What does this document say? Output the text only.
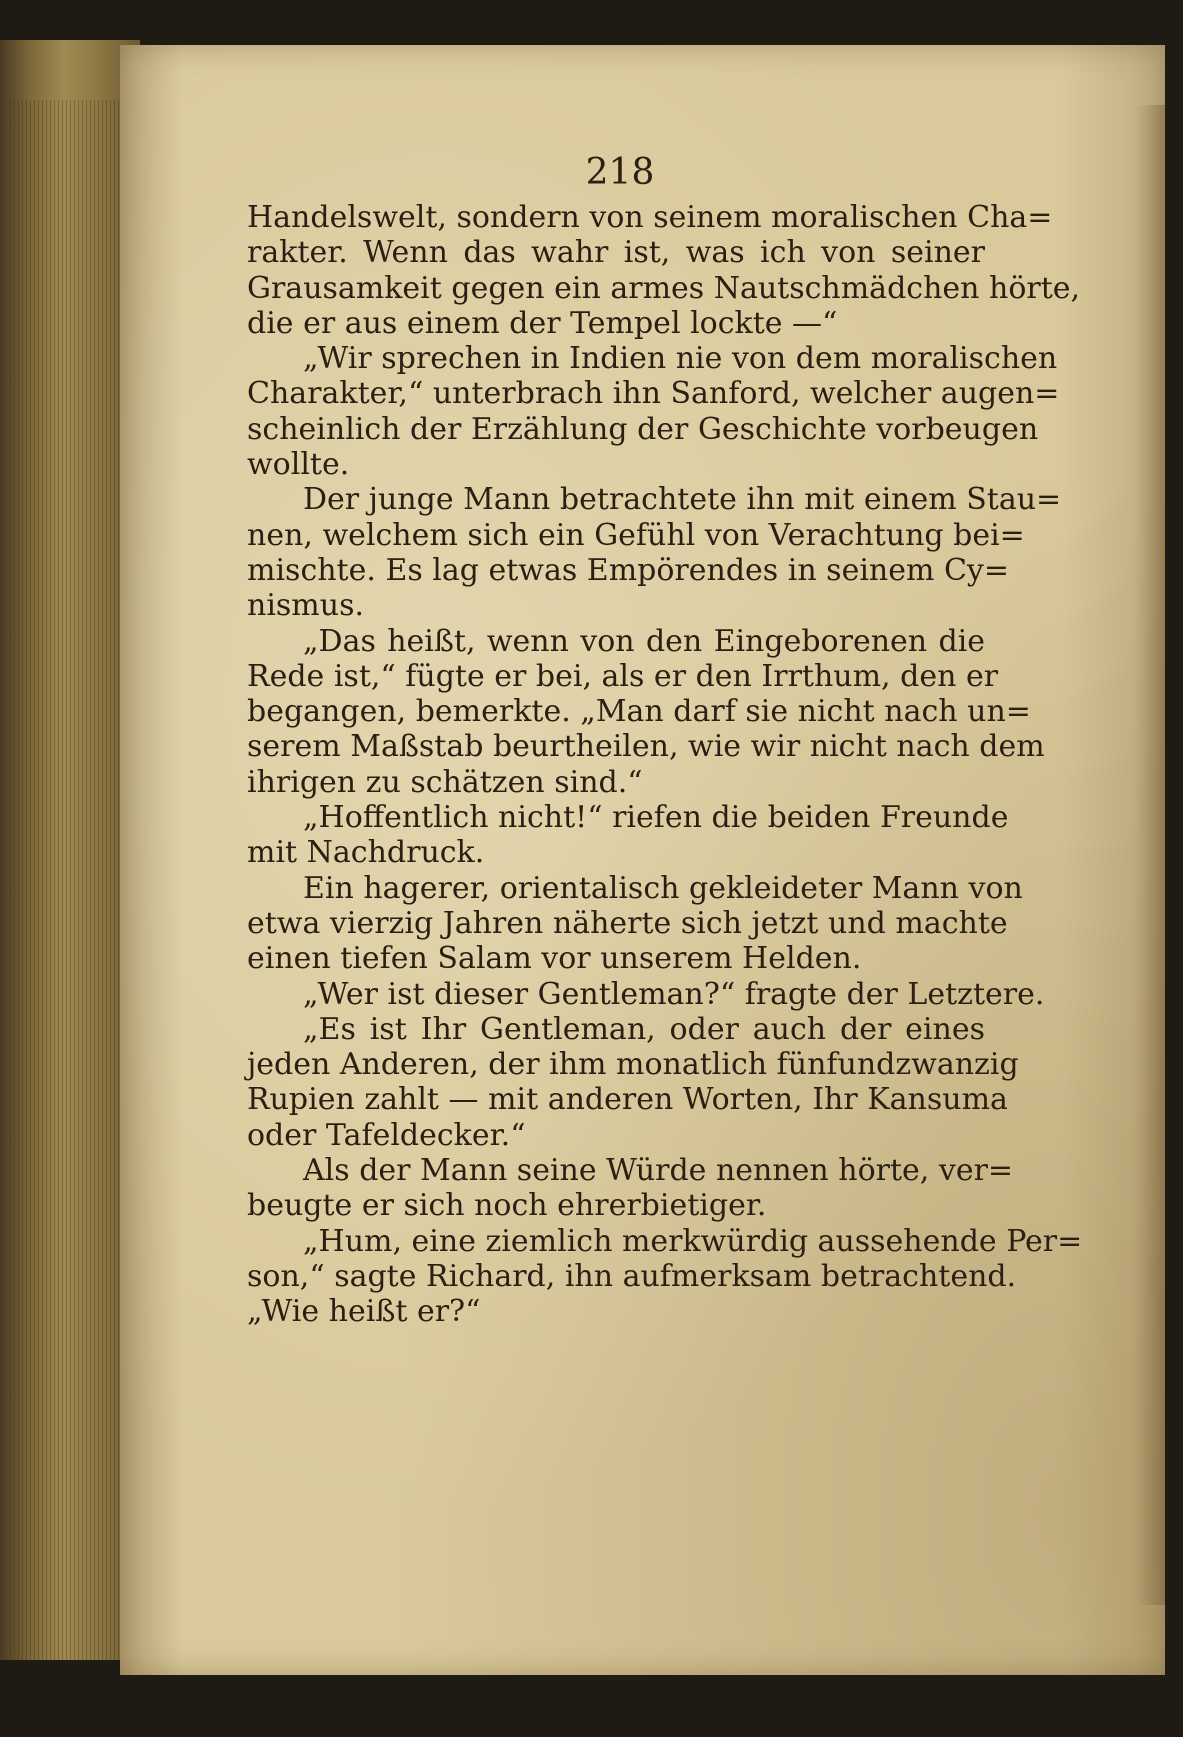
218
Handelswelt, sondern von seinem moralischen Cha=
rakter. Wenn das wahr ist, was ich von seiner
Grausamkeit gegen ein armes Nautschmädchen hörte,
die er aus einem der Tempel lockte —“
„Wir sprechen in Indien nie von dem moralischen
Charakter,“ unterbrach ihn Sanford, welcher augen=
scheinlich der Erzählung der Geschichte vorbeugen
wollte.
Der junge Mann betrachtete ihn mit einem Stau=
nen, welchem sich ein Gefühl von Verachtung bei=
mischte. Es lag etwas Empörendes in seinem Cy=
nismus.
„Das heißt, wenn von den Eingeborenen die
Rede ist,“ fügte er bei, als er den Irrthum, den er
begangen, bemerkte. „Man darf sie nicht nach un=
serem Maßstab beurtheilen, wie wir nicht nach dem
ihrigen zu schätzen sind.“
„Hoffentlich nicht!“ riefen die beiden Freunde
mit Nachdruck.
Ein hagerer, orientalisch gekleideter Mann von
etwa vierzig Jahren näherte sich jetzt und machte
einen tiefen Salam vor unserem Helden.
„Wer ist dieser Gentleman?“ fragte der Letztere.
„Es ist Ihr Gentleman, oder auch der eines
jeden Anderen, der ihm monatlich fünfundzwanzig
Rupien zahlt — mit anderen Worten, Ihr Kansuma
oder Tafeldecker.“
Als der Mann seine Würde nennen hörte, ver=
beugte er sich noch ehrerbietiger.
„Hum, eine ziemlich merkwürdig aussehende Per=
son,“ sagte Richard, ihn aufmerksam betrachtend.
„Wie heißt er?“
